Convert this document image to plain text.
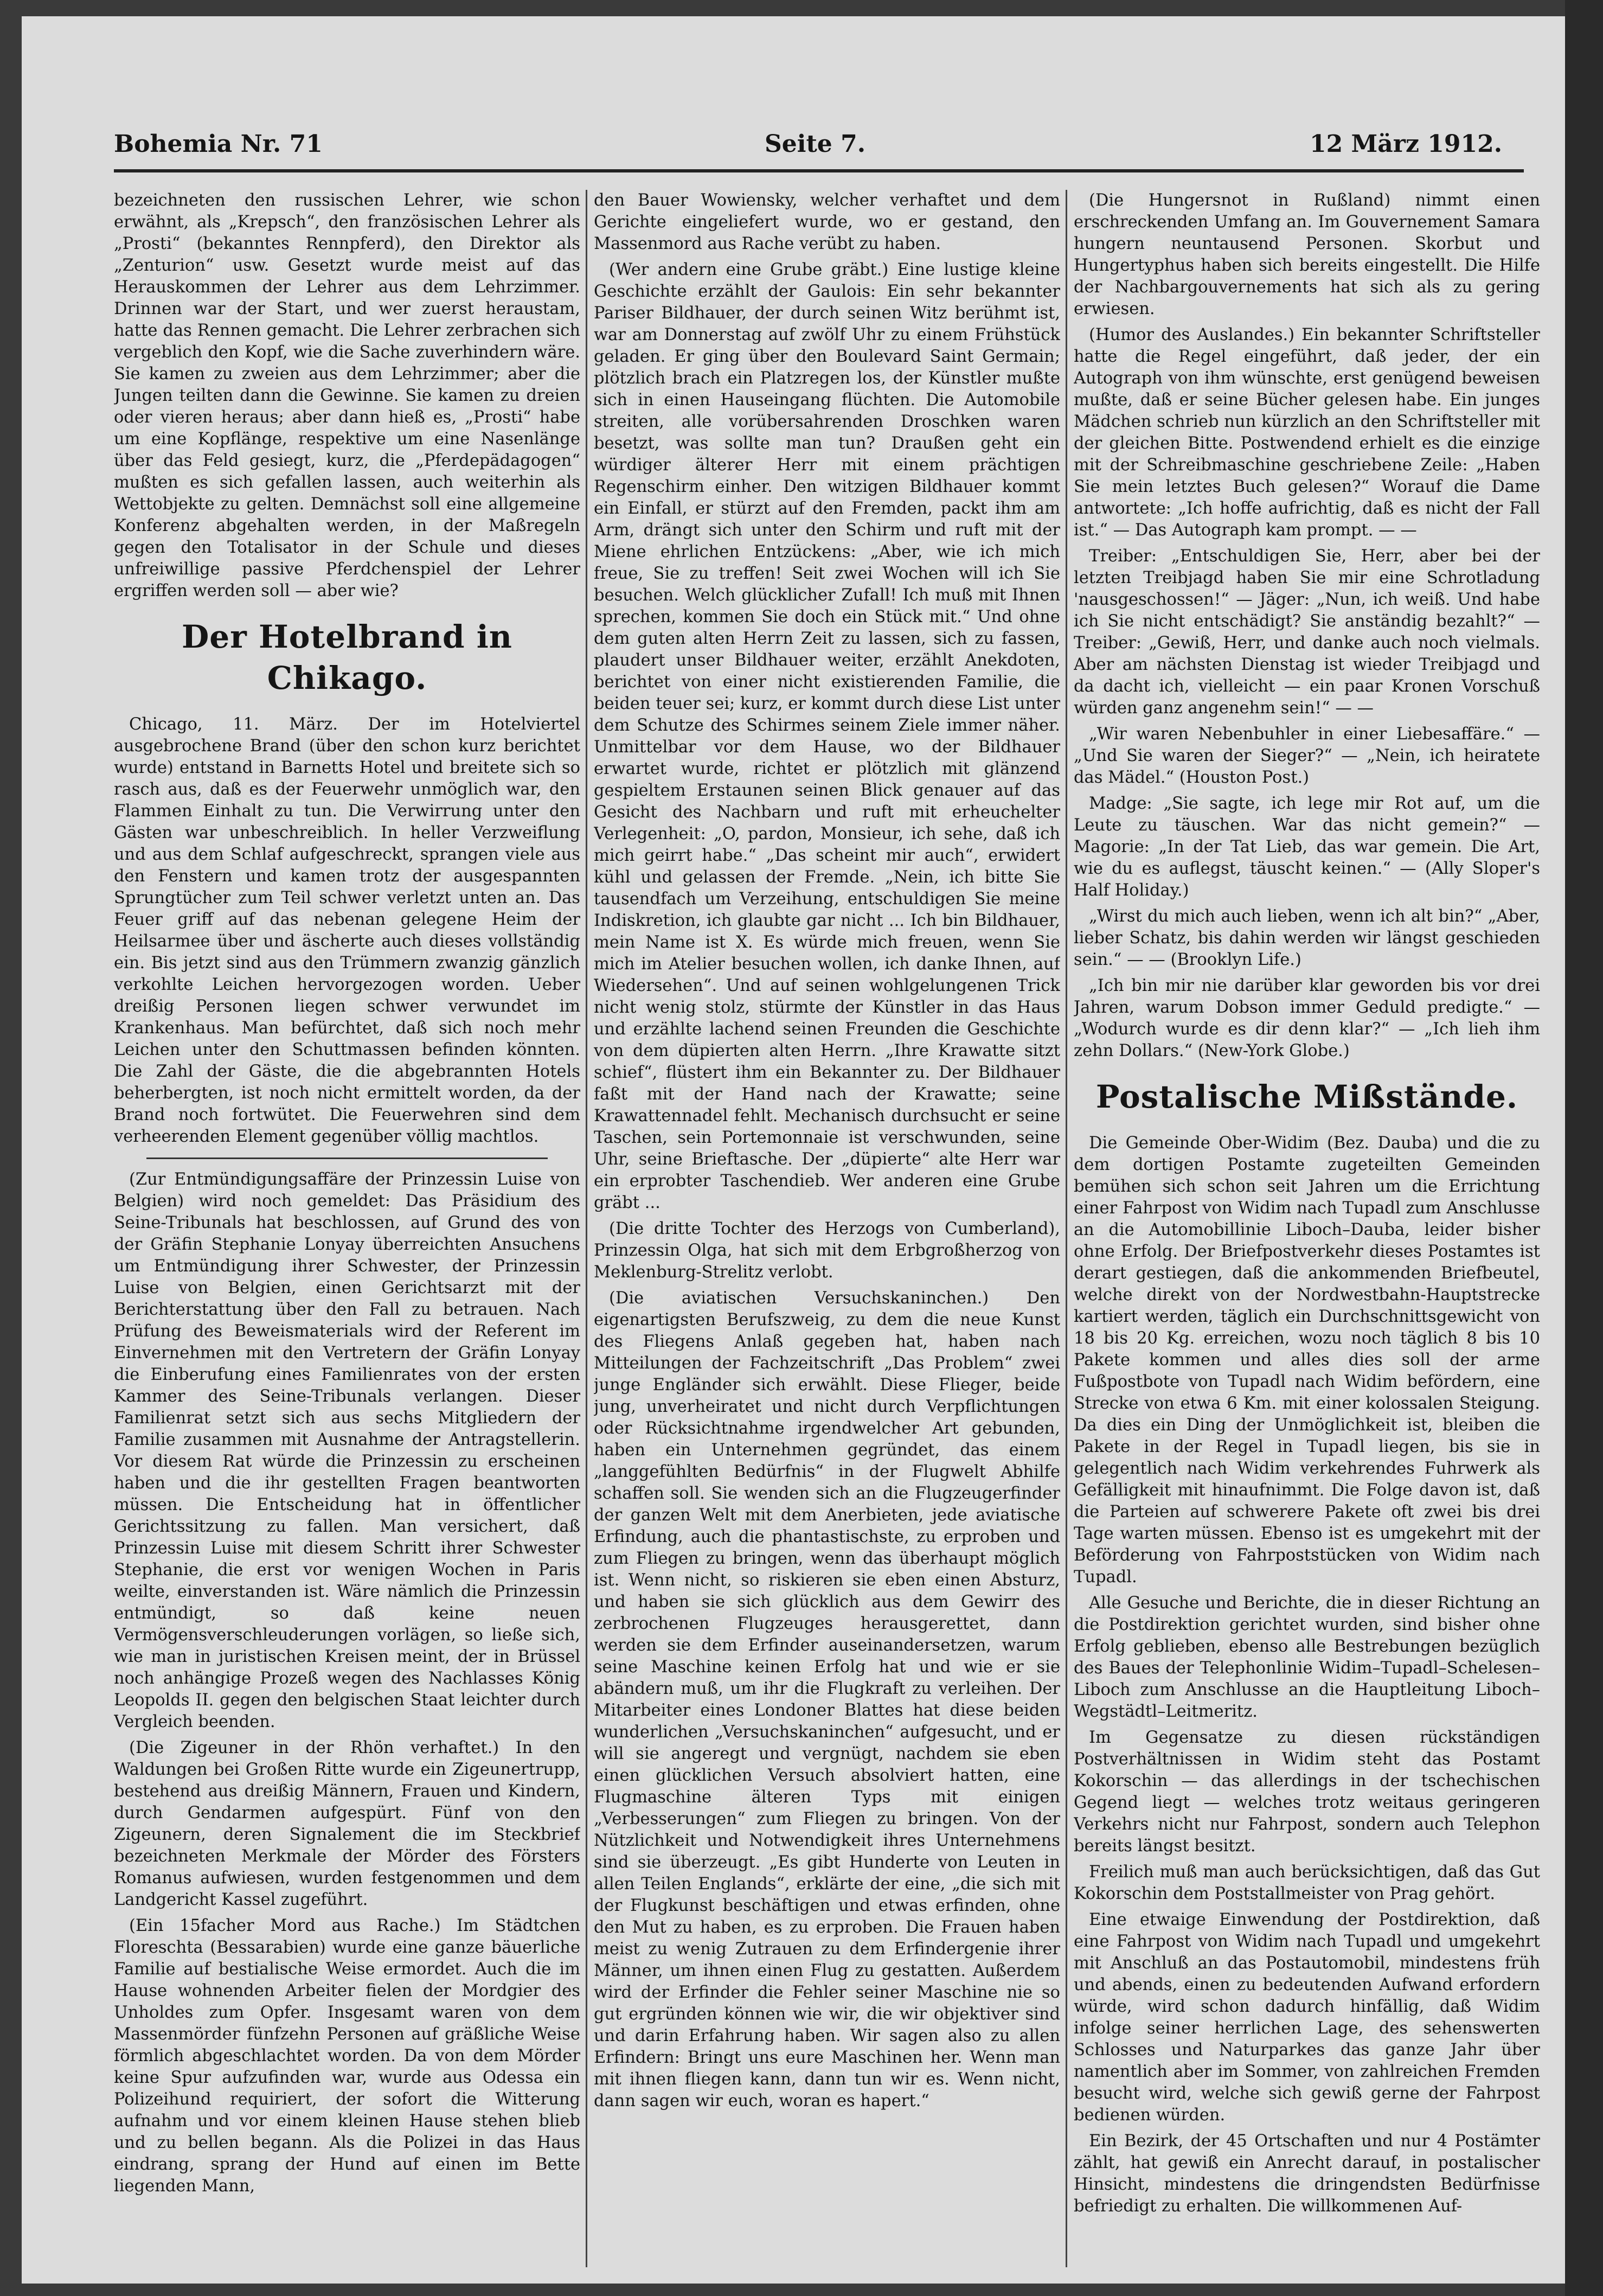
Bohemia Nr. 71	Seite 7.	12 März 1912.

bezeichneten den russischen Lehrer, wie schon erwähnt, als „Krepsch“, den französischen Lehrer als „Prosti“ (bekanntes Rennpferd), den Direktor als „Zenturion“ usw. Gesetzt wurde meist auf das Herauskommen der Lehrer aus dem Lehrzimmer. Drinnen war der Start, und wer zuerst heraustam, hatte das Rennen gemacht. Die Lehrer zerbrachen sich vergeblich den Kopf, wie die Sache zuverhindern wäre. Sie kamen zu zweien aus dem Lehrzimmer; aber die Jungen teilten dann die Gewinne. Sie kamen zu dreien oder vieren heraus; aber dann hieß es, „Prosti“ habe um eine Kopflänge, respektive um eine Nasenlänge über das Feld gesiegt, kurz, die „Pferdepädagogen“ mußten es sich gefallen lassen, auch weiterhin als Wettobjekte zu gelten. Demnächst soll eine allgemeine Konferenz abgehalten werden, in der Maßregeln gegen den Totalisator in der Schule und dieses unfreiwillige passive Pferdchenspiel der Lehrer ergriffen werden soll — aber wie?

Der Hotelbrand in Chikago.

Chicago, 11. März. Der im Hotelviertel ausgebrochene Brand (über den schon kurz berichtet wurde) entstand in Barnetts Hotel und breitete sich so rasch aus, daß es der Feuerwehr unmöglich war, den Flammen Einhalt zu tun. Die Verwirrung unter den Gästen war unbeschreiblich. In heller Verzweiflung und aus dem Schlaf aufgeschreckt, sprangen viele aus den Fenstern und kamen trotz der ausgespannten Sprungtücher zum Teil schwer verletzt unten an. Das Feuer griff auf das nebenan gelegene Heim der Heilsarmee über und äscherte auch dieses vollständig ein. Bis jetzt sind aus den Trümmern zwanzig gänzlich verkohlte Leichen hervorgezogen worden. Ueber dreißig Personen liegen schwer verwundet im Krankenhaus. Man befürchtet, daß sich noch mehr Leichen unter den Schuttmassen befinden könnten. Die Zahl der Gäste, die die abgebrannten Hotels beherbergten, ist noch nicht ermittelt worden, da der Brand noch fortwütet. Die Feuerwehren sind dem verheerenden Element gegenüber völlig machtlos.

(Zur Entmündigungsaffäre der Prinzessin Luise von Belgien) wird noch gemeldet: Das Präsidium des Seine-Tribunals hat beschlossen, auf Grund des von der Gräfin Stephanie Lonyay überreichten Ansuchens um Entmündigung ihrer Schwester, der Prinzessin Luise von Belgien, einen Gerichtsarzt mit der Berichterstattung über den Fall zu betrauen. Nach Prüfung des Beweismaterials wird der Referent im Einvernehmen mit den Vertretern der Gräfin Lonyay die Einberufung eines Familienrates von der ersten Kammer des Seine-Tribunals verlangen. Dieser Familienrat setzt sich aus sechs Mitgliedern der Familie zusammen mit Ausnahme der Antragstellerin. Vor diesem Rat würde die Prinzessin zu erscheinen haben und die ihr gestellten Fragen beantworten müssen. Die Entscheidung hat in öffentlicher Gerichtssitzung zu fallen. Man versichert, daß Prinzessin Luise mit diesem Schritt ihrer Schwester Stephanie, die erst vor wenigen Wochen in Paris weilte, einverstanden ist. Wäre nämlich die Prinzessin entmündigt, so daß keine neuen Vermögensverschleuderungen vorlägen, so ließe sich, wie man in juristischen Kreisen meint, der in Brüssel noch anhängige Prozeß wegen des Nachlasses König Leopolds II. gegen den belgischen Staat leichter durch Vergleich beenden.

(Die Zigeuner in der Rhön verhaftet.) In den Waldungen bei Großen Ritte wurde ein Zigeunertrupp, bestehend aus dreißig Männern, Frauen und Kindern, durch Gendarmen aufgespürt. Fünf von den Zigeunern, deren Signalement die im Steckbrief bezeichneten Merkmale der Mörder des Försters Romanus aufwiesen, wurden festgenommen und dem Landgericht Kassel zugeführt.

(Ein 15facher Mord aus Rache.) Im Städtchen Floreschta (Bessarabien) wurde eine ganze bäuerliche Familie auf bestialische Weise ermordet. Auch die im Hause wohnenden Arbeiter fielen der Mordgier des Unholdes zum Opfer. Insgesamt waren von dem Massenmörder fünfzehn Personen auf gräßliche Weise förmlich abgeschlachtet worden. Da von dem Mörder keine Spur aufzufinden war, wurde aus Odessa ein Polizeihund requiriert, der sofort die Witterung aufnahm und vor einem kleinen Hause stehen blieb und zu bellen begann. Als die Polizei in das Haus eindrang, sprang der Hund auf einen im Bette liegenden Mann,

den Bauer Wowiensky, welcher verhaftet und dem Gerichte eingeliefert wurde, wo er gestand, den Massenmord aus Rache verübt zu haben.

(Wer andern eine Grube gräbt.) Eine lustige kleine Geschichte erzählt der Gaulois: Ein sehr bekannter Pariser Bildhauer, der durch seinen Witz berühmt ist, war am Donnerstag auf zwölf Uhr zu einem Frühstück geladen. Er ging über den Boulevard Saint Germain; plötzlich brach ein Platzregen los, der Künstler mußte sich in einen Hauseingang flüchten. Die Automobile streiten, alle vorübersahrenden Droschken waren besetzt, was sollte man tun? Draußen geht ein würdiger älterer Herr mit einem prächtigen Regenschirm einher. Den witzigen Bildhauer kommt ein Einfall, er stürzt auf den Fremden, packt ihm am Arm, drängt sich unter den Schirm und ruft mit der Miene ehrlichen Entzückens: „Aber, wie ich mich freue, Sie zu treffen! Seit zwei Wochen will ich Sie besuchen. Welch glücklicher Zufall! Ich muß mit Ihnen sprechen, kommen Sie doch ein Stück mit.“ Und ohne dem guten alten Herrn Zeit zu lassen, sich zu fassen, plaudert unser Bildhauer weiter, erzählt Anekdoten, berichtet von einer nicht existierenden Familie, die beiden teuer sei; kurz, er kommt durch diese List unter dem Schutze des Schirmes seinem Ziele immer näher. Unmittelbar vor dem Hause, wo der Bildhauer erwartet wurde, richtet er plötzlich mit glänzend gespieltem Erstaunen seinen Blick genauer auf das Gesicht des Nachbarn und ruft mit erheuchelter Verlegenheit: „O, pardon, Monsieur, ich sehe, daß ich mich geirrt habe.“ „Das scheint mir auch“, erwidert kühl und gelassen der Fremde. „Nein, ich bitte Sie tausendfach um Verzeihung, entschuldigen Sie meine Indiskretion, ich glaubte gar nicht ... Ich bin Bildhauer, mein Name ist X. Es würde mich freuen, wenn Sie mich im Atelier besuchen wollen, ich danke Ihnen, auf Wiedersehen“. Und auf seinen wohlgelungenen Trick nicht wenig stolz, stürmte der Künstler in das Haus und erzählte lachend seinen Freunden die Geschichte von dem düpierten alten Herrn. „Ihre Krawatte sitzt schief“, flüstert ihm ein Bekannter zu. Der Bildhauer faßt mit der Hand nach der Krawatte; seine Krawattennadel fehlt. Mechanisch durchsucht er seine Taschen, sein Portemonnaie ist verschwunden, seine Uhr, seine Brieftasche. Der „düpierte“ alte Herr war ein erprobter Taschendieb. Wer anderen eine Grube gräbt ...

(Die dritte Tochter des Herzogs von Cumberland), Prinzessin Olga, hat sich mit dem Erbgroßherzog von Meklenburg-Strelitz verlobt.

(Die aviatischen Versuchskaninchen.) Den eigenartigsten Berufszweig, zu dem die neue Kunst des Fliegens Anlaß gegeben hat, haben nach Mitteilungen der Fachzeitschrift „Das Problem“ zwei junge Engländer sich erwählt. Diese Flieger, beide jung, unverheiratet und nicht durch Verpflichtungen oder Rücksichtnahme irgendwelcher Art gebunden, haben ein Unternehmen gegründet, das einem „langgefühlten Bedürfnis“ in der Flugwelt Abhilfe schaffen soll. Sie wenden sich an die Flugzeugerfinder der ganzen Welt mit dem Anerbieten, jede aviatische Erfindung, auch die phantastischste, zu erproben und zum Fliegen zu bringen, wenn das überhaupt möglich ist. Wenn nicht, so riskieren sie eben einen Absturz, und haben sie sich glücklich aus dem Gewirr des zerbrochenen Flugzeuges herausgerettet, dann werden sie dem Erfinder auseinandersetzen, warum seine Maschine keinen Erfolg hat und wie er sie abändern muß, um ihr die Flugkraft zu verleihen. Der Mitarbeiter eines Londoner Blattes hat diese beiden wunderlichen „Versuchskaninchen“ aufgesucht, und er will sie angeregt und vergnügt, nachdem sie eben einen glücklichen Versuch absolviert hatten, eine Flugmaschine älteren Typs mit einigen „Verbesserungen“ zum Fliegen zu bringen. Von der Nützlichkeit und Notwendigkeit ihres Unternehmens sind sie überzeugt. „Es gibt Hunderte von Leuten in allen Teilen Englands“, erklärte der eine, „die sich mit der Flugkunst beschäftigen und etwas erfinden, ohne den Mut zu haben, es zu erproben. Die Frauen haben meist zu wenig Zutrauen zu dem Erfindergenie ihrer Männer, um ihnen einen Flug zu gestatten. Außerdem wird der Erfinder die Fehler seiner Maschine nie so gut ergründen können wie wir, die wir objektiver sind und darin Erfahrung haben. Wir sagen also zu allen Erfindern: Bringt uns eure Maschinen her. Wenn man mit ihnen fliegen kann, dann tun wir es. Wenn nicht, dann sagen wir euch, woran es hapert.“

(Die Hungersnot in Rußland) nimmt einen erschreckenden Umfang an. Im Gouvernement Samara hungern neuntausend Personen. Skorbut und Hungertyphus haben sich bereits eingestellt. Die Hilfe der Nachbargouvernements hat sich als zu gering erwiesen.

(Humor des Auslandes.) Ein bekannter Schriftsteller hatte die Regel eingeführt, daß jeder, der ein Autograph von ihm wünschte, erst genügend beweisen mußte, daß er seine Bücher gelesen habe. Ein junges Mädchen schrieb nun kürzlich an den Schriftsteller mit der gleichen Bitte. Postwendend erhielt es die einzige mit der Schreibmaschine geschriebene Zeile: „Haben Sie mein letztes Buch gelesen?“ Worauf die Dame antwortete: „Ich hoffe aufrichtig, daß es nicht der Fall ist.“ — Das Autograph kam prompt. — —

Treiber: „Entschuldigen Sie, Herr, aber bei der letzten Treibjagd haben Sie mir eine Schrotladung 'nausgeschossen!“ — Jäger: „Nun, ich weiß. Und habe ich Sie nicht entschädigt? Sie anständig bezahlt?“ — Treiber: „Gewiß, Herr, und danke auch noch vielmals. Aber am nächsten Dienstag ist wieder Treibjagd und da dacht ich, vielleicht — ein paar Kronen Vorschuß würden ganz angenehm sein!“ — —

„Wir waren Nebenbuhler in einer Liebesaffäre.“ — „Und Sie waren der Sieger?“ — „Nein, ich heiratete das Mädel.“ (Houston Post.)

Madge: „Sie sagte, ich lege mir Rot auf, um die Leute zu täuschen. War das nicht gemein?“ — Magorie: „In der Tat Lieb, das war gemein. Die Art, wie du es auflegst, täuscht keinen.“ — (Ally Sloper's Half Holiday.)

„Wirst du mich auch lieben, wenn ich alt bin?“ „Aber, lieber Schatz, bis dahin werden wir längst geschieden sein.“ — — (Brooklyn Life.)

„Ich bin mir nie darüber klar geworden bis vor drei Jahren, warum Dobson immer Geduld predigte.“ — „Wodurch wurde es dir denn klar?“ — „Ich lieh ihm zehn Dollars.“ (New-York Globe.)

Postalische Mißstände.

Die Gemeinde Ober-Widim (Bez. Dauba) und die zu dem dortigen Postamte zugeteilten Gemeinden bemühen sich schon seit Jahren um die Errichtung einer Fahrpost von Widim nach Tupadl zum Anschlusse an die Automobillinie Liboch–Dauba, leider bisher ohne Erfolg. Der Briefpostverkehr dieses Postamtes ist derart gestiegen, daß die ankommenden Briefbeutel, welche direkt von der Nordwestbahn-Hauptstrecke kartiert werden, täglich ein Durchschnittsgewicht von 18 bis 20 Kg. erreichen, wozu noch täglich 8 bis 10 Pakete kommen und alles dies soll der arme Fußpostbote von Tupadl nach Widim befördern, eine Strecke von etwa 6 Km. mit einer kolossalen Steigung. Da dies ein Ding der Unmöglichkeit ist, bleiben die Pakete in der Regel in Tupadl liegen, bis sie in gelegentlich nach Widim verkehrendes Fuhrwerk als Gefälligkeit mit hinaufnimmt. Die Folge davon ist, daß die Parteien auf schwerere Pakete oft zwei bis drei Tage warten müssen. Ebenso ist es umgekehrt mit der Beförderung von Fahrpoststücken von Widim nach Tupadl.

Alle Gesuche und Berichte, die in dieser Richtung an die Postdirektion gerichtet wurden, sind bisher ohne Erfolg geblieben, ebenso alle Bestrebungen bezüglich des Baues der Telephonlinie Widim–Tupadl–Schelesen–Liboch zum Anschlusse an die Hauptleitung Liboch–Wegstädtl–Leitmeritz.

Im Gegensatze zu diesen rückständigen Postverhältnissen in Widim steht das Postamt Kokorschin — das allerdings in der tschechischen Gegend liegt — welches trotz weitaus geringeren Verkehrs nicht nur Fahrpost, sondern auch Telephon bereits längst besitzt.

Freilich muß man auch berücksichtigen, daß das Gut Kokorschin dem Poststallmeister von Prag gehört.

Eine etwaige Einwendung der Postdirektion, daß eine Fahrpost von Widim nach Tupadl und umgekehrt mit Anschluß an das Postautomobil, mindestens früh und abends, einen zu bedeutenden Aufwand erfordern würde, wird schon dadurch hinfällig, daß Widim infolge seiner herrlichen Lage, des sehenswerten Schlosses und Naturparkes das ganze Jahr über namentlich aber im Sommer, von zahlreichen Fremden besucht wird, welche sich gewiß gerne der Fahrpost bedienen würden.

Ein Bezirk, der 45 Ortschaften und nur 4 Postämter zählt, hat gewiß ein Anrecht darauf, in postalischer Hinsicht, mindestens die dringendsten Bedürfnisse befriedigt zu erhalten. Die willkommenen Auf-
